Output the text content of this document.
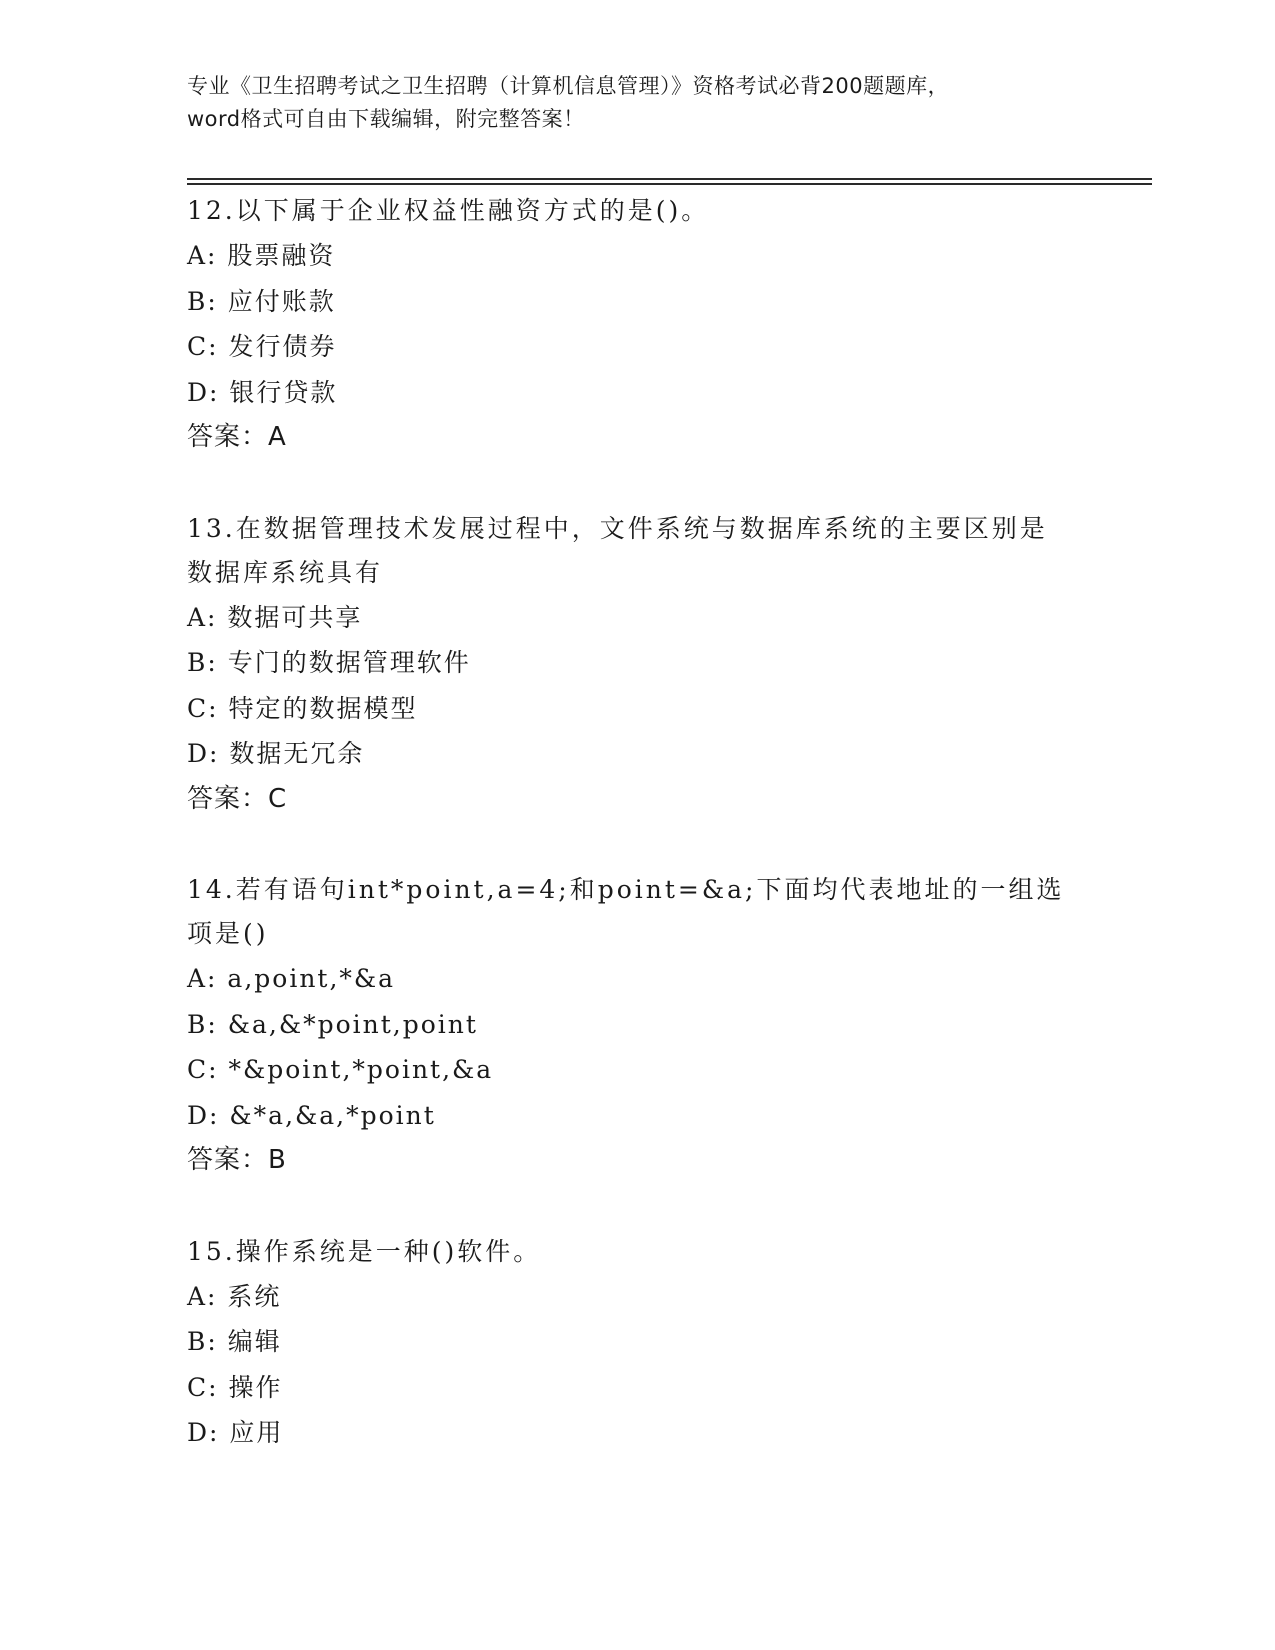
专业《卫生招聘考试之卫生招聘（计算机信息管理）》资格考试必背200题题库，
word格式可自由下载编辑，附完整答案！
12.以下属于企业权益性融资方式的是()。
A: 股票融资
B: 应付账款
C: 发行债券
D: 银行贷款
答案：A
13.在数据管理技术发展过程中，文件系统与数据库系统的主要区别是数据库系统具有
A: 数据可共享
B: 专门的数据管理软件
C: 特定的数据模型
D: 数据无冗余
答案：C
14.若有语句int*point,a=4;和point=&a;下面均代表地址的一组选项是()
A: a,point,*&a
B: &a,&*point,point
C: *&point,*point,&a
D: &*a,&a,*point
答案：B
15.操作系统是一种()软件。
A: 系统
B: 编辑
C: 操作
D: 应用
